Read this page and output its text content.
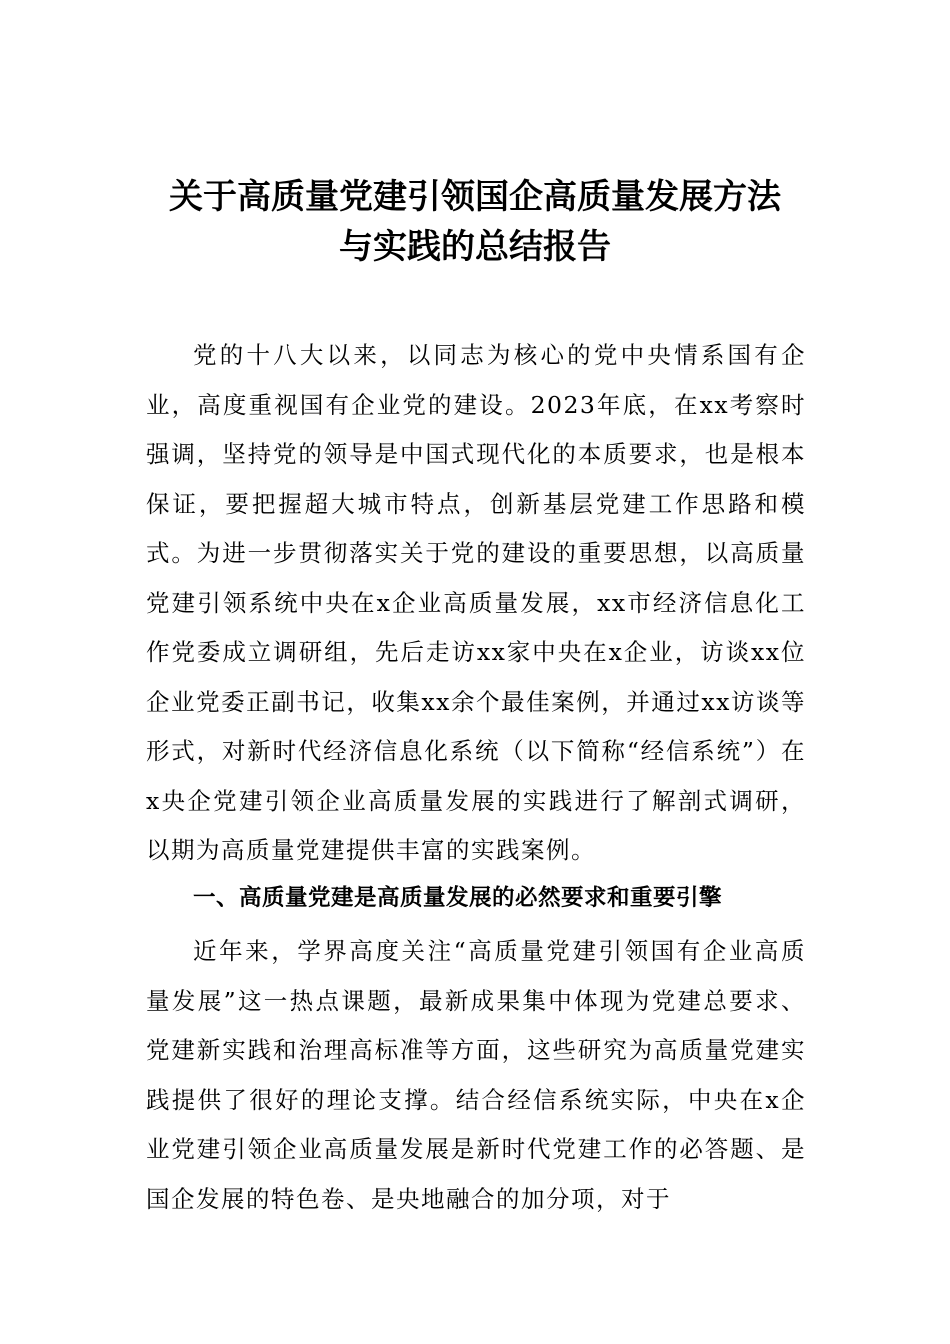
关于高质量党建引领国企高质量发展方法
与实践的总结报告

党的十八大以来，以同志为核心的党中央情系国有企业，高度重视国有企业党的建设。2023年底，在xx考察时强调，坚持党的领导是中国式现代化的本质要求，也是根本保证，要把握超大城市特点，创新基层党建工作思路和模式。为进一步贯彻落实关于党的建设的重要思想，以高质量党建引领系统中央在x企业高质量发展，xx市经济信息化工作党委成立调研组，先后走访xx家中央在x企业，访谈xx位企业党委正副书记，收集xx余个最佳案例，并通过xx访谈等形式，对新时代经济信息化系统（以下简称“经信系统”）在x央企党建引领企业高质量发展的实践进行了解剖式调研，以期为高质量党建提供丰富的实践案例。

一、高质量党建是高质量发展的必然要求和重要引擎

近年来，学界高度关注“高质量党建引领国有企业高质量发展”这一热点课题，最新成果集中体现为党建总要求、党建新实践和治理高标准等方面，这些研究为高质量党建实践提供了很好的理论支撑。结合经信系统实际，中央在x企业党建引领企业高质量发展是新时代党建工作的必答题、是国企发展的特色卷、是央地融合的加分项，对于
